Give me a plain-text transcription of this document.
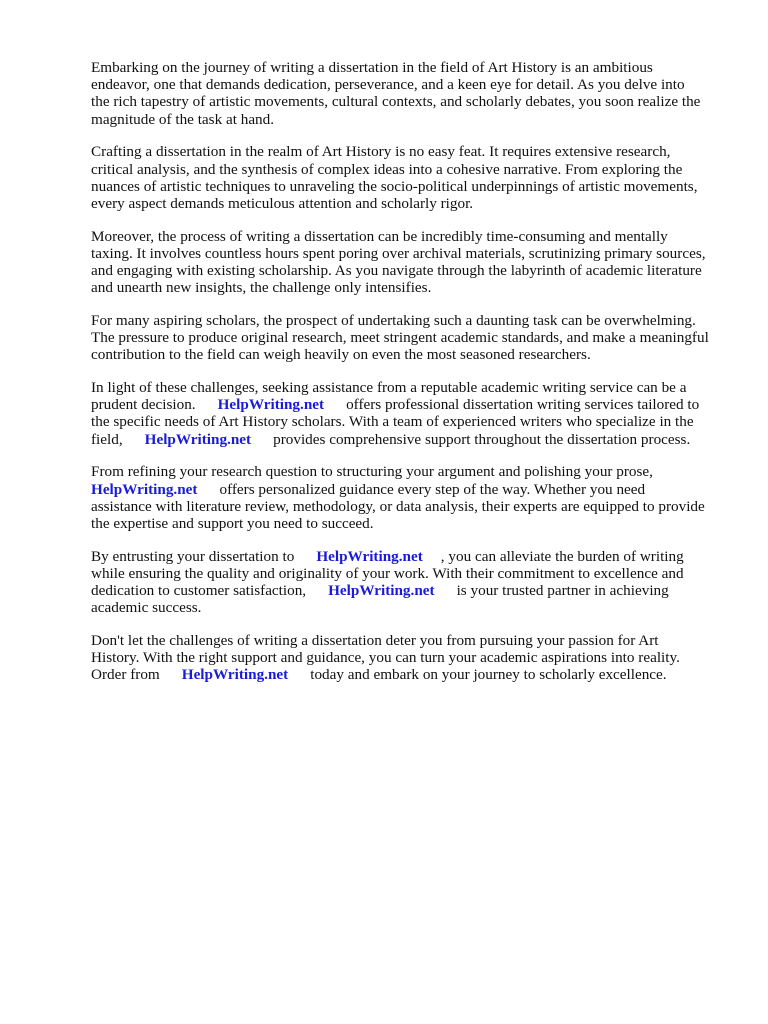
Embarking on the journey of writing a dissertation in the field of Art History is an ambitious
endeavor, one that demands dedication, perseverance, and a keen eye for detail. As you delve into
the rich tapestry of artistic movements, cultural contexts, and scholarly debates, you soon realize the
magnitude of the task at hand.

Crafting a dissertation in the realm of Art History is no easy feat. It requires extensive research,
critical analysis, and the synthesis of complex ideas into a cohesive narrative. From exploring the
nuances of artistic techniques to unraveling the socio-political underpinnings of artistic movements,
every aspect demands meticulous attention and scholarly rigor.

Moreover, the process of writing a dissertation can be incredibly time-consuming and mentally
taxing. It involves countless hours spent poring over archival materials, scrutinizing primary sources,
and engaging with existing scholarship. As you navigate through the labyrinth of academic literature
and unearth new insights, the challenge only intensifies.

For many aspiring scholars, the prospect of undertaking such a daunting task can be overwhelming.
The pressure to produce original research, meet stringent academic standards, and make a meaningful
contribution to the field can weigh heavily on even the most seasoned researchers.

In light of these challenges, seeking assistance from a reputable academic writing service can be a
prudent decision. HelpWriting.net offers professional dissertation writing services tailored to
the specific needs of Art History scholars. With a team of experienced writers who specialize in the
field, HelpWriting.net provides comprehensive support throughout the dissertation process.

From refining your research question to structuring your argument and polishing your prose,
HelpWriting.net offers personalized guidance every step of the way. Whether you need
assistance with literature review, methodology, or data analysis, their experts are equipped to provide
the expertise and support you need to succeed.

By entrusting your dissertation to HelpWriting.net , you can alleviate the burden of writing
while ensuring the quality and originality of your work. With their commitment to excellence and
dedication to customer satisfaction, HelpWriting.net is your trusted partner in achieving
academic success.

Don't let the challenges of writing a dissertation deter you from pursuing your passion for Art
History. With the right support and guidance, you can turn your academic aspirations into reality.
Order from HelpWriting.net today and embark on your journey to scholarly excellence.
